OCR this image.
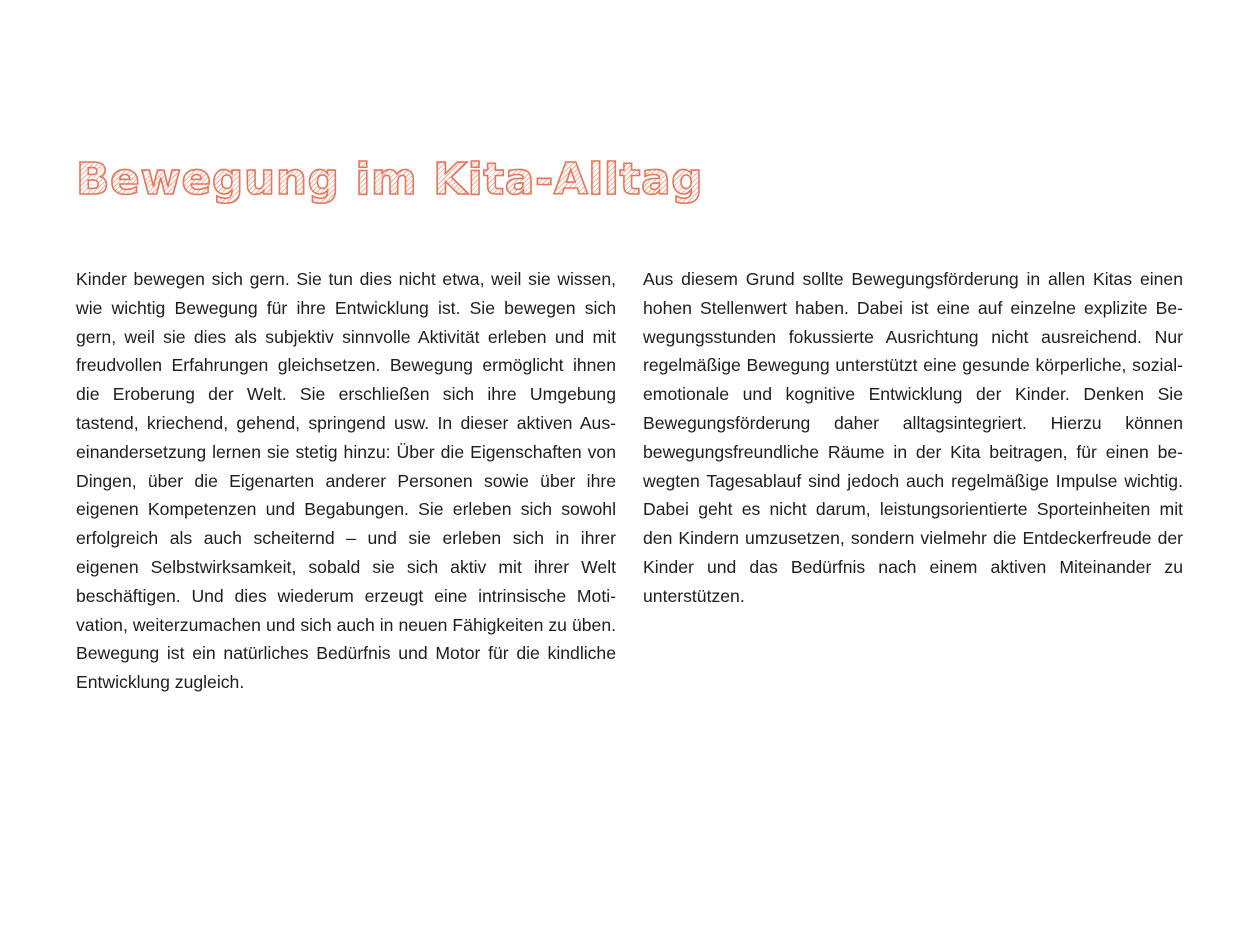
Bewegung im Kita-Alltag

Kinder bewegen sich gern. Sie tun dies nicht etwa, weil sie wissen, wie wichtig Bewegung für ihre Entwicklung ist. Sie bewegen sich gern, weil sie dies als subjektiv sinnvolle Aktivität erleben und mit freudvollen Erfahrungen gleichsetzen. Bewegung ermöglicht ihnen die Eroberung der Welt. Sie erschließen sich ihre Umgebung tastend, kriechend, gehend, springend usw. In dieser aktiven Auseinandersetzung lernen sie stetig hinzu: Über die Eigenschaften von Dingen, über die Eigenarten anderer Personen sowie über ihre eigenen Kompetenzen und Begabungen. Sie erleben sich sowohl erfolgreich als auch scheiternd – und sie erleben sich in ihrer eigenen Selbstwirksamkeit, sobald sie sich aktiv mit ihrer Welt beschäftigen. Und dies wiederum erzeugt eine intrinsische Motivation, weiterzumachen und sich auch in neuen Fähigkeiten zu üben. Bewegung ist ein natürliches Bedürfnis und Motor für die kindliche Entwicklung zugleich.

Aus diesem Grund sollte Bewegungsförderung in allen Kitas einen hohen Stellenwert haben. Dabei ist eine auf einzelne explizite Bewegungsstunden fokussierte Ausrichtung nicht ausreichend. Nur regelmäßige Bewegung unterstützt eine gesunde körperliche, sozial-emotionale und kognitive Entwicklung der Kinder. Denken Sie Bewegungsförderung daher alltagsintegriert. Hierzu können bewegungsfreundliche Räume in der Kita beitragen, für einen bewegten Tagesablauf sind jedoch auch regelmäßige Impulse wichtig. Dabei geht es nicht darum, leistungsorientierte Sporteinheiten mit den Kindern umzusetzen, sondern vielmehr die Entdeckerfreude der Kinder und das Bedürfnis nach einem aktiven Miteinander zu unterstützen.
